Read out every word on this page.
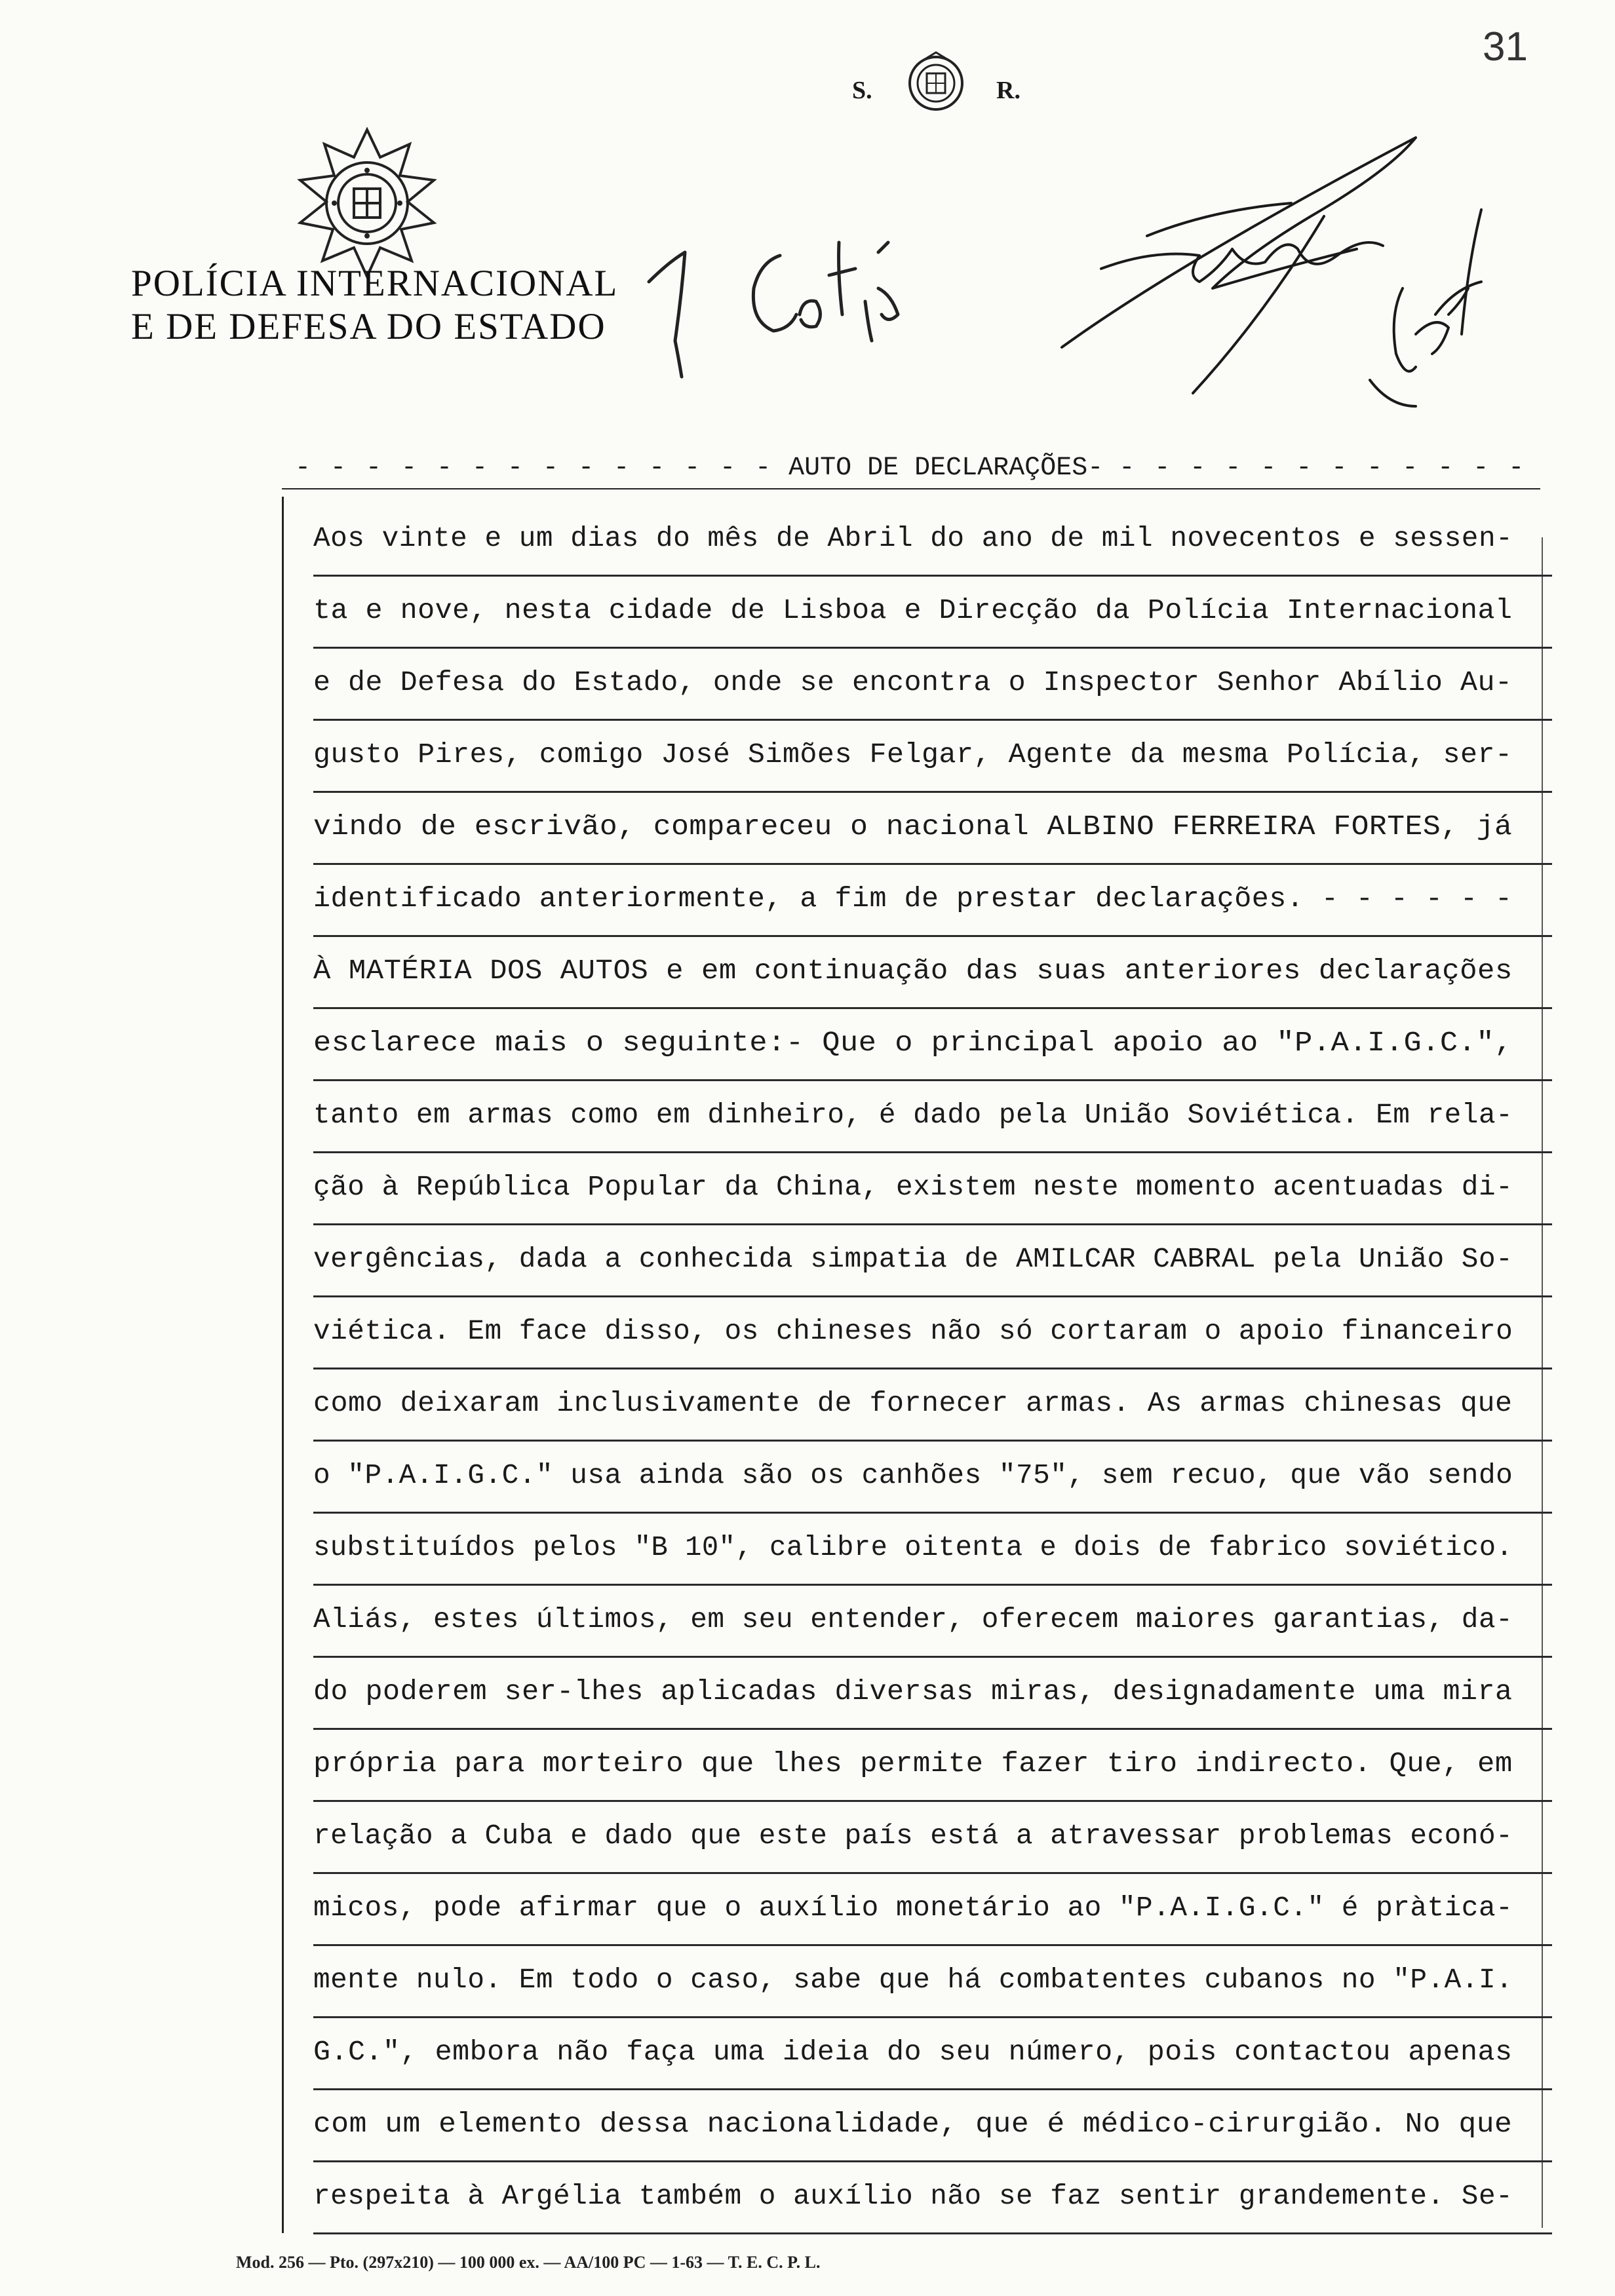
31
S.	R.
POLÍCIA INTERNACIONAL
E DE DEFESA DO ESTADO
- - - - - - - - - - - - - - AUTO DE DECLARAÇÕES- - - - - - - - - - - - -
Aos vinte e um dias do mês de Abril do ano de mil novecentos e sessen-
ta e nove, nesta cidade de Lisboa e Direcção da Polícia Internacional
e de Defesa do Estado, onde se encontra o Inspector Senhor Abílio Au-
gusto Pires, comigo José Simões Felgar, Agente da mesma Polícia, ser-
vindo de escrivão, compareceu o nacional ALBINO FERREIRA FORTES, já
identificado anteriormente, a fim de prestar declarações. - - - - - -
À MATÉRIA DOS AUTOS e em continuação das suas anteriores declarações
esclarece mais o seguinte:- Que o principal apoio ao "P.A.I.G.C.",
tanto em armas como em dinheiro, é dado pela União Soviética. Em rela-
ção à República Popular da China, existem neste momento acentuadas di-
vergências, dada a conhecida simpatia de AMILCAR CABRAL pela União So-
viética. Em face disso, os chineses não só cortaram o apoio financeiro
como deixaram inclusivamente de fornecer armas. As armas chinesas que
o "P.A.I.G.C." usa ainda são os canhões "75", sem recuo, que vão sendo
substituídos pelos "B 10", calibre oitenta e dois de fabrico soviético.
Aliás, estes últimos, em seu entender, oferecem maiores garantias, da-
do poderem ser-lhes aplicadas diversas miras, designadamente uma mira
própria para morteiro que lhes permite fazer tiro indirecto. Que, em
relação a Cuba e dado que este país está a atravessar problemas econó-
micos, pode afirmar que o auxílio monetário ao "P.A.I.G.C." é pràtica-
mente nulo. Em todo o caso, sabe que há combatentes cubanos no "P.A.I.
G.C.", embora não faça uma ideia do seu número, pois contactou apenas
com um elemento dessa nacionalidade, que é médico-cirurgião. No que
respeita à Argélia também o auxílio não se faz sentir grandemente. Se-
Mod. 256 — Pto. (297x210) — 100 000 ex. — AA/100 PC — 1-63 — T. E. C. P. L.
